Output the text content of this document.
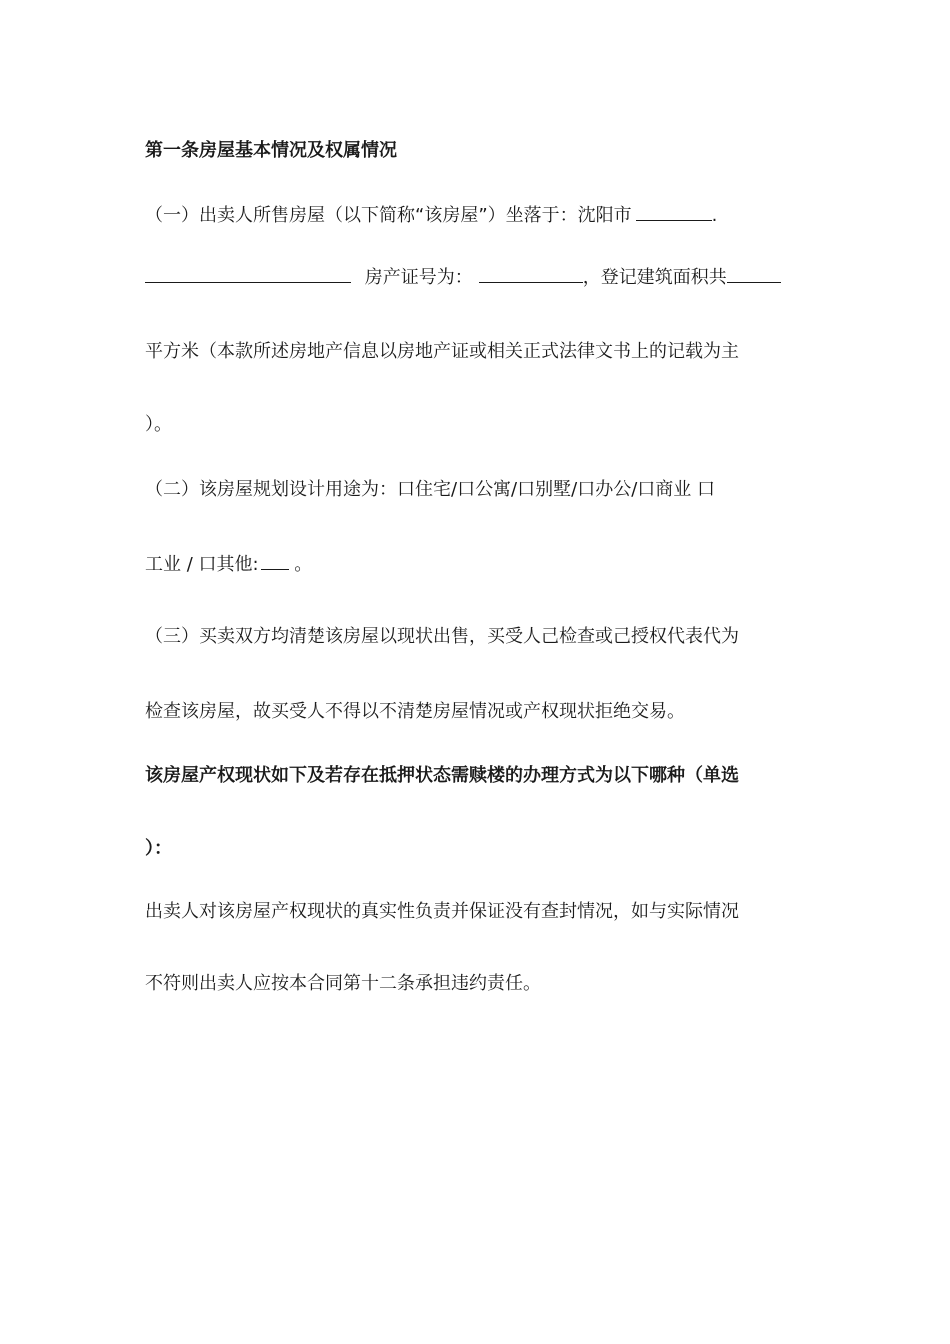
第一条房屋基本情况及权属情况
（一）出卖人所售房屋（以下简称“该房屋”）坐落于：沈阳市	.
房产证号为：	，登记建筑面积共
平方米（本款所述房地产信息以房地产证或相关正式法律文书上的记载为主
）。
（二）该房屋规划设计用途为：口住宅/口公寓/口别墅/口办公/口商业 口
工业 / 口其他: 。
（三）买卖双方均清楚该房屋以现状出售，买受人己检查或己授权代表代为
检查该房屋，故买受人不得以不清楚房屋情况或产权现状拒绝交易。
该房屋产权现状如下及若存在抵押状态需赎楼的办理方式为以下哪种（单选
）：
出卖人对该房屋产权现状的真实性负责并保证没有查封情况，如与实际情况
不符则出卖人应按本合同第十二条承担违约责任。
